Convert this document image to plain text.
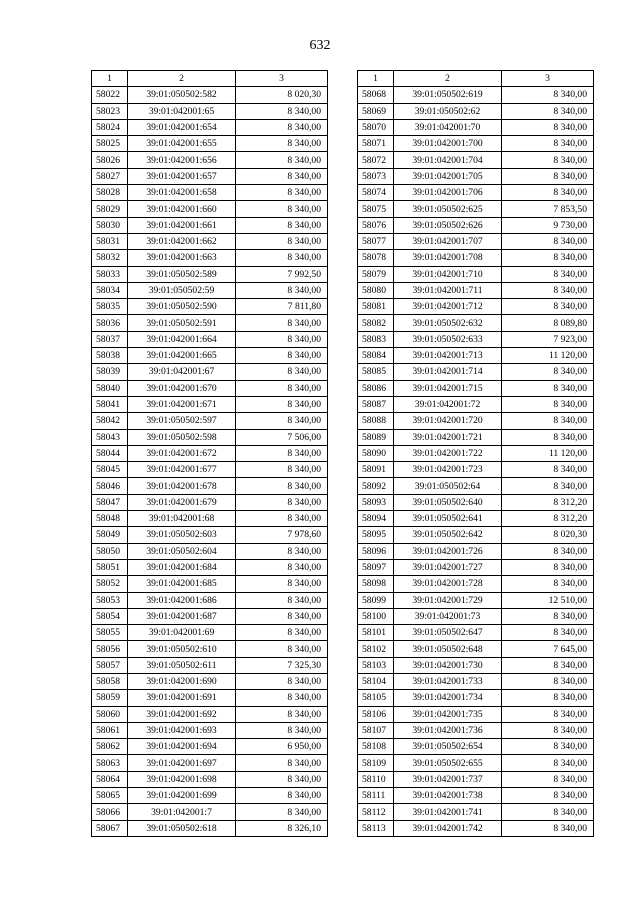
632
1	2	3
58022	39:01:050502:582	8 020,30
58023	39:01:042001:65	8 340,00
58024	39:01:042001:654	8 340,00
58025	39:01:042001:655	8 340,00
58026	39:01:042001:656	8 340,00
58027	39:01:042001:657	8 340,00
58028	39:01:042001:658	8 340,00
58029	39:01:042001:660	8 340,00
58030	39:01:042001:661	8 340,00
58031	39:01:042001:662	8 340,00
58032	39:01:042001:663	8 340,00
58033	39:01:050502:589	7 992,50
58034	39:01:050502:59	8 340,00
58035	39:01:050502:590	7 811,80
58036	39:01:050502:591	8 340,00
58037	39:01:042001:664	8 340,00
58038	39:01:042001:665	8 340,00
58039	39:01:042001:67	8 340,00
58040	39:01:042001:670	8 340,00
58041	39:01:042001:671	8 340,00
58042	39:01:050502:597	8 340,00
58043	39:01:050502:598	7 506,00
58044	39:01:042001:672	8 340,00
58045	39:01:042001:677	8 340,00
58046	39:01:042001:678	8 340,00
58047	39:01:042001:679	8 340,00
58048	39:01:042001:68	8 340,00
58049	39:01:050502:603	7 978,60
58050	39:01:050502:604	8 340,00
58051	39:01:042001:684	8 340,00
58052	39:01:042001:685	8 340,00
58053	39:01:042001:686	8 340,00
58054	39:01:042001:687	8 340,00
58055	39:01:042001:69	8 340,00
58056	39:01:050502:610	8 340,00
58057	39:01:050502:611	7 325,30
58058	39:01:042001:690	8 340,00
58059	39:01:042001:691	8 340,00
58060	39:01:042001:692	8 340,00
58061	39:01:042001:693	8 340,00
58062	39:01:042001:694	6 950,00
58063	39:01:042001:697	8 340,00
58064	39:01:042001:698	8 340,00
58065	39:01:042001:699	8 340,00
58066	39:01:042001:7	8 340,00
58067	39:01:050502:618	8 326,10
1	2	3
58068	39:01:050502:619	8 340,00
58069	39:01:050502:62	8 340,00
58070	39:01:042001:70	8 340,00
58071	39:01:042001:700	8 340,00
58072	39:01:042001:704	8 340,00
58073	39:01:042001:705	8 340,00
58074	39:01:042001:706	8 340,00
58075	39:01:050502:625	7 853,50
58076	39:01:050502:626	9 730,00
58077	39:01:042001:707	8 340,00
58078	39:01:042001:708	8 340,00
58079	39:01:042001:710	8 340,00
58080	39:01:042001:711	8 340,00
58081	39:01:042001:712	8 340,00
58082	39:01:050502:632	8 089,80
58083	39:01:050502:633	7 923,00
58084	39:01:042001:713	11 120,00
58085	39:01:042001:714	8 340,00
58086	39:01:042001:715	8 340,00
58087	39:01:042001:72	8 340,00
58088	39:01:042001:720	8 340,00
58089	39:01:042001:721	8 340,00
58090	39:01:042001:722	11 120,00
58091	39:01:042001:723	8 340,00
58092	39:01:050502:64	8 340,00
58093	39:01:050502:640	8 312,20
58094	39:01:050502:641	8 312,20
58095	39:01:050502:642	8 020,30
58096	39:01:042001:726	8 340,00
58097	39:01:042001:727	8 340,00
58098	39:01:042001:728	8 340,00
58099	39:01:042001:729	12 510,00
58100	39:01:042001:73	8 340,00
58101	39:01:050502:647	8 340,00
58102	39:01:050502:648	7 645,00
58103	39:01:042001:730	8 340,00
58104	39:01:042001:733	8 340,00
58105	39:01:042001:734	8 340,00
58106	39:01:042001:735	8 340,00
58107	39:01:042001:736	8 340,00
58108	39:01:050502:654	8 340,00
58109	39:01:050502:655	8 340,00
58110	39:01:042001:737	8 340,00
58111	39:01:042001:738	8 340,00
58112	39:01:042001:741	8 340,00
58113	39:01:042001:742	8 340,00
